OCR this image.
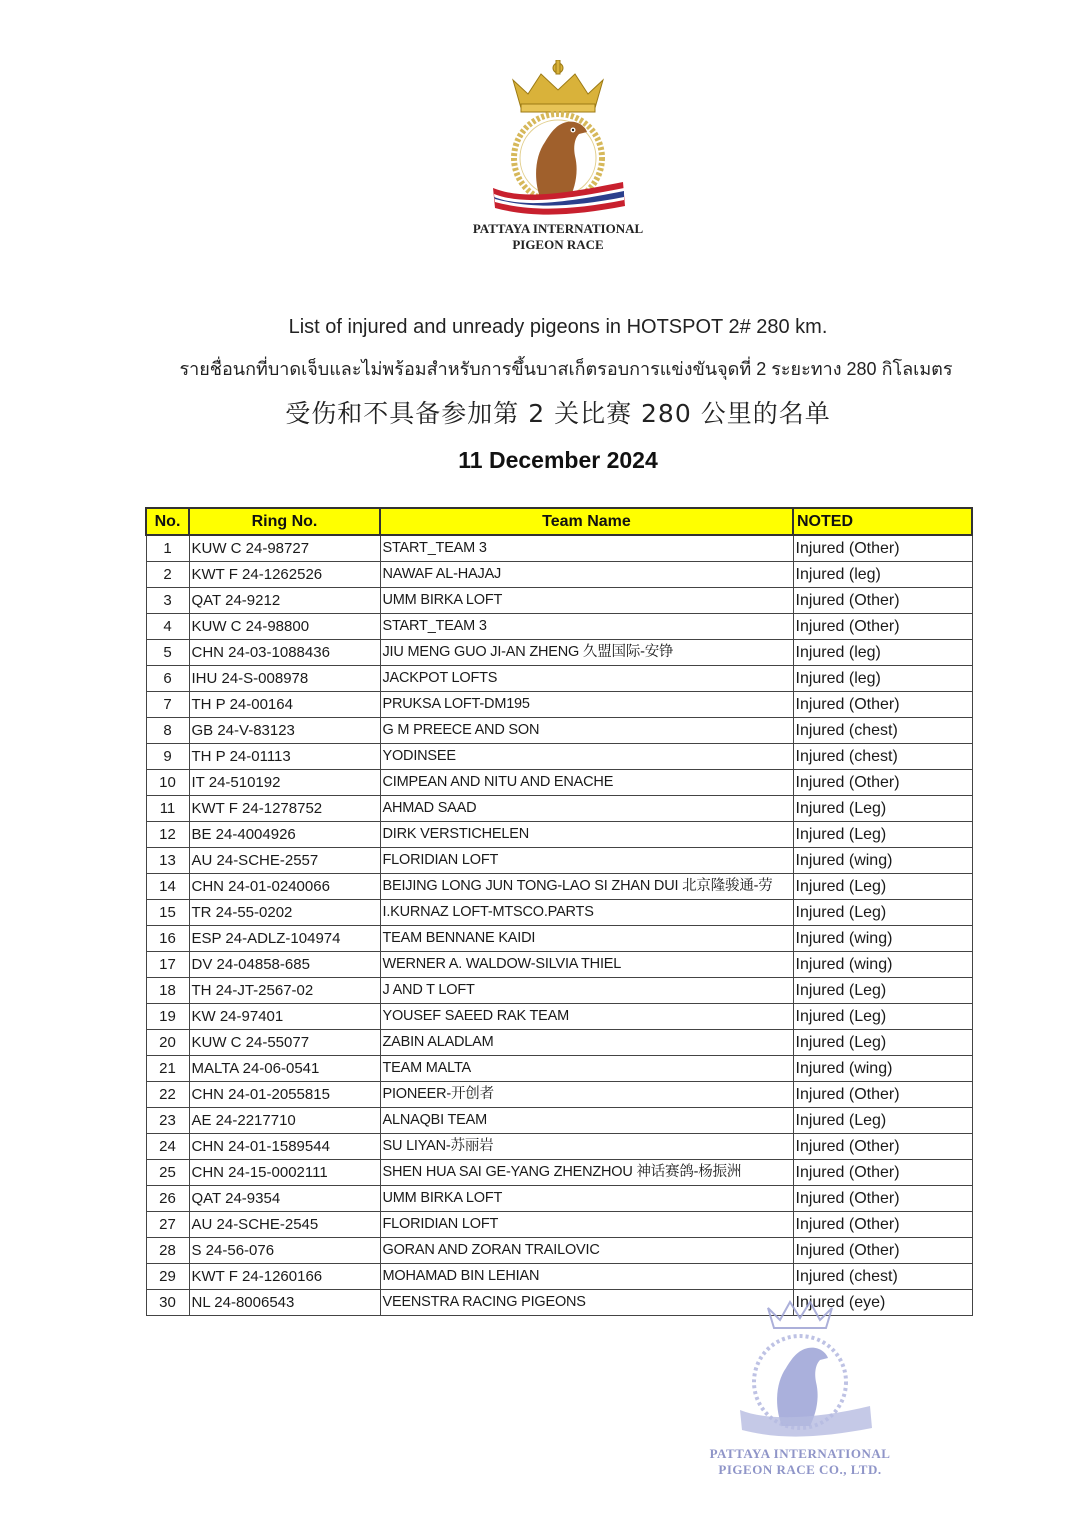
PATTAYA INTERNATIONAL
PIGEON RACE
List of injured and unready pigeons in HOTSPOT 2# 280 km.
รายชื่อนกที่บาดเจ็บและไม่พร้อมสำหรับการขึ้นบาสเก็ตรอบการแข่งขันจุดที่ 2 ระยะทาง 280 กิโลเมตร
受伤和不具备参加第 2 关比赛 280 公里的名单
11 December 2024
No.	Ring No.	Team Name	NOTED
1	KUW C 24-98727	START_TEAM 3	Injured (Other)
2	KWT F 24-1262526	NAWAF AL-HAJAJ	Injured (leg)
3	QAT 24-9212	UMM BIRKA LOFT	Injured (Other)
4	KUW C 24-98800	START_TEAM 3	Injured (Other)
5	CHN 24-03-1088436	JIU MENG GUO JI-AN ZHENG 久盟国际-安铮	Injured (leg)
6	IHU 24-S-008978	JACKPOT LOFTS	Injured (leg)
7	TH P 24-00164	PRUKSA LOFT-DM195	Injured (Other)
8	GB 24-V-83123	G M PREECE AND SON	Injured (chest)
9	TH P 24-01113	YODINSEE	Injured (chest)
10	IT 24-510192	CIMPEAN AND NITU AND ENACHE	Injured (Other)
11	KWT F 24-1278752	AHMAD SAAD	Injured (Leg)
12	BE 24-4004926	DIRK VERSTICHELEN	Injured (Leg)
13	AU 24-SCHE-2557	FLORIDIAN LOFT	Injured (wing)
14	CHN 24-01-0240066	BEIJING LONG JUN TONG-LAO SI ZHAN DUI 北京隆骏通-劳	Injured (Leg)
15	TR 24-55-0202	I.KURNAZ LOFT-MTSCO.PARTS	Injured (Leg)
16	ESP 24-ADLZ-104974	TEAM BENNANE KAIDI	Injured (wing)
17	DV 24-04858-685	WERNER A. WALDOW-SILVIA THIEL	Injured (wing)
18	TH 24-JT-2567-02	J AND T LOFT	Injured (Leg)
19	KW 24-97401	YOUSEF SAEED RAK TEAM	Injured (Leg)
20	KUW C 24-55077	ZABIN ALADLAM	Injured (Leg)
21	MALTA 24-06-0541	TEAM MALTA	Injured (wing)
22	CHN 24-01-2055815	PIONEER-开创者	Injured (Other)
23	AE 24-2217710	ALNAQBI TEAM	Injured (Leg)
24	CHN 24-01-1589544	SU LIYAN-苏丽岩	Injured (Other)
25	CHN 24-15-0002111	SHEN HUA SAI GE-YANG ZHENZHOU 神话赛鸽-杨振洲	Injured (Other)
26	QAT 24-9354	UMM BIRKA LOFT	Injured (Other)
27	AU 24-SCHE-2545	FLORIDIAN LOFT	Injured (Other)
28	S 24-56-076	GORAN AND ZORAN TRAILOVIC	Injured (Other)
29	KWT F 24-1260166	MOHAMAD BIN LEHIAN	Injured (chest)
30	NL 24-8006543	VEENSTRA RACING PIGEONS	Injured (eye)
PATTAYA INTERNATIONAL
PIGEON RACE CO., LTD.
